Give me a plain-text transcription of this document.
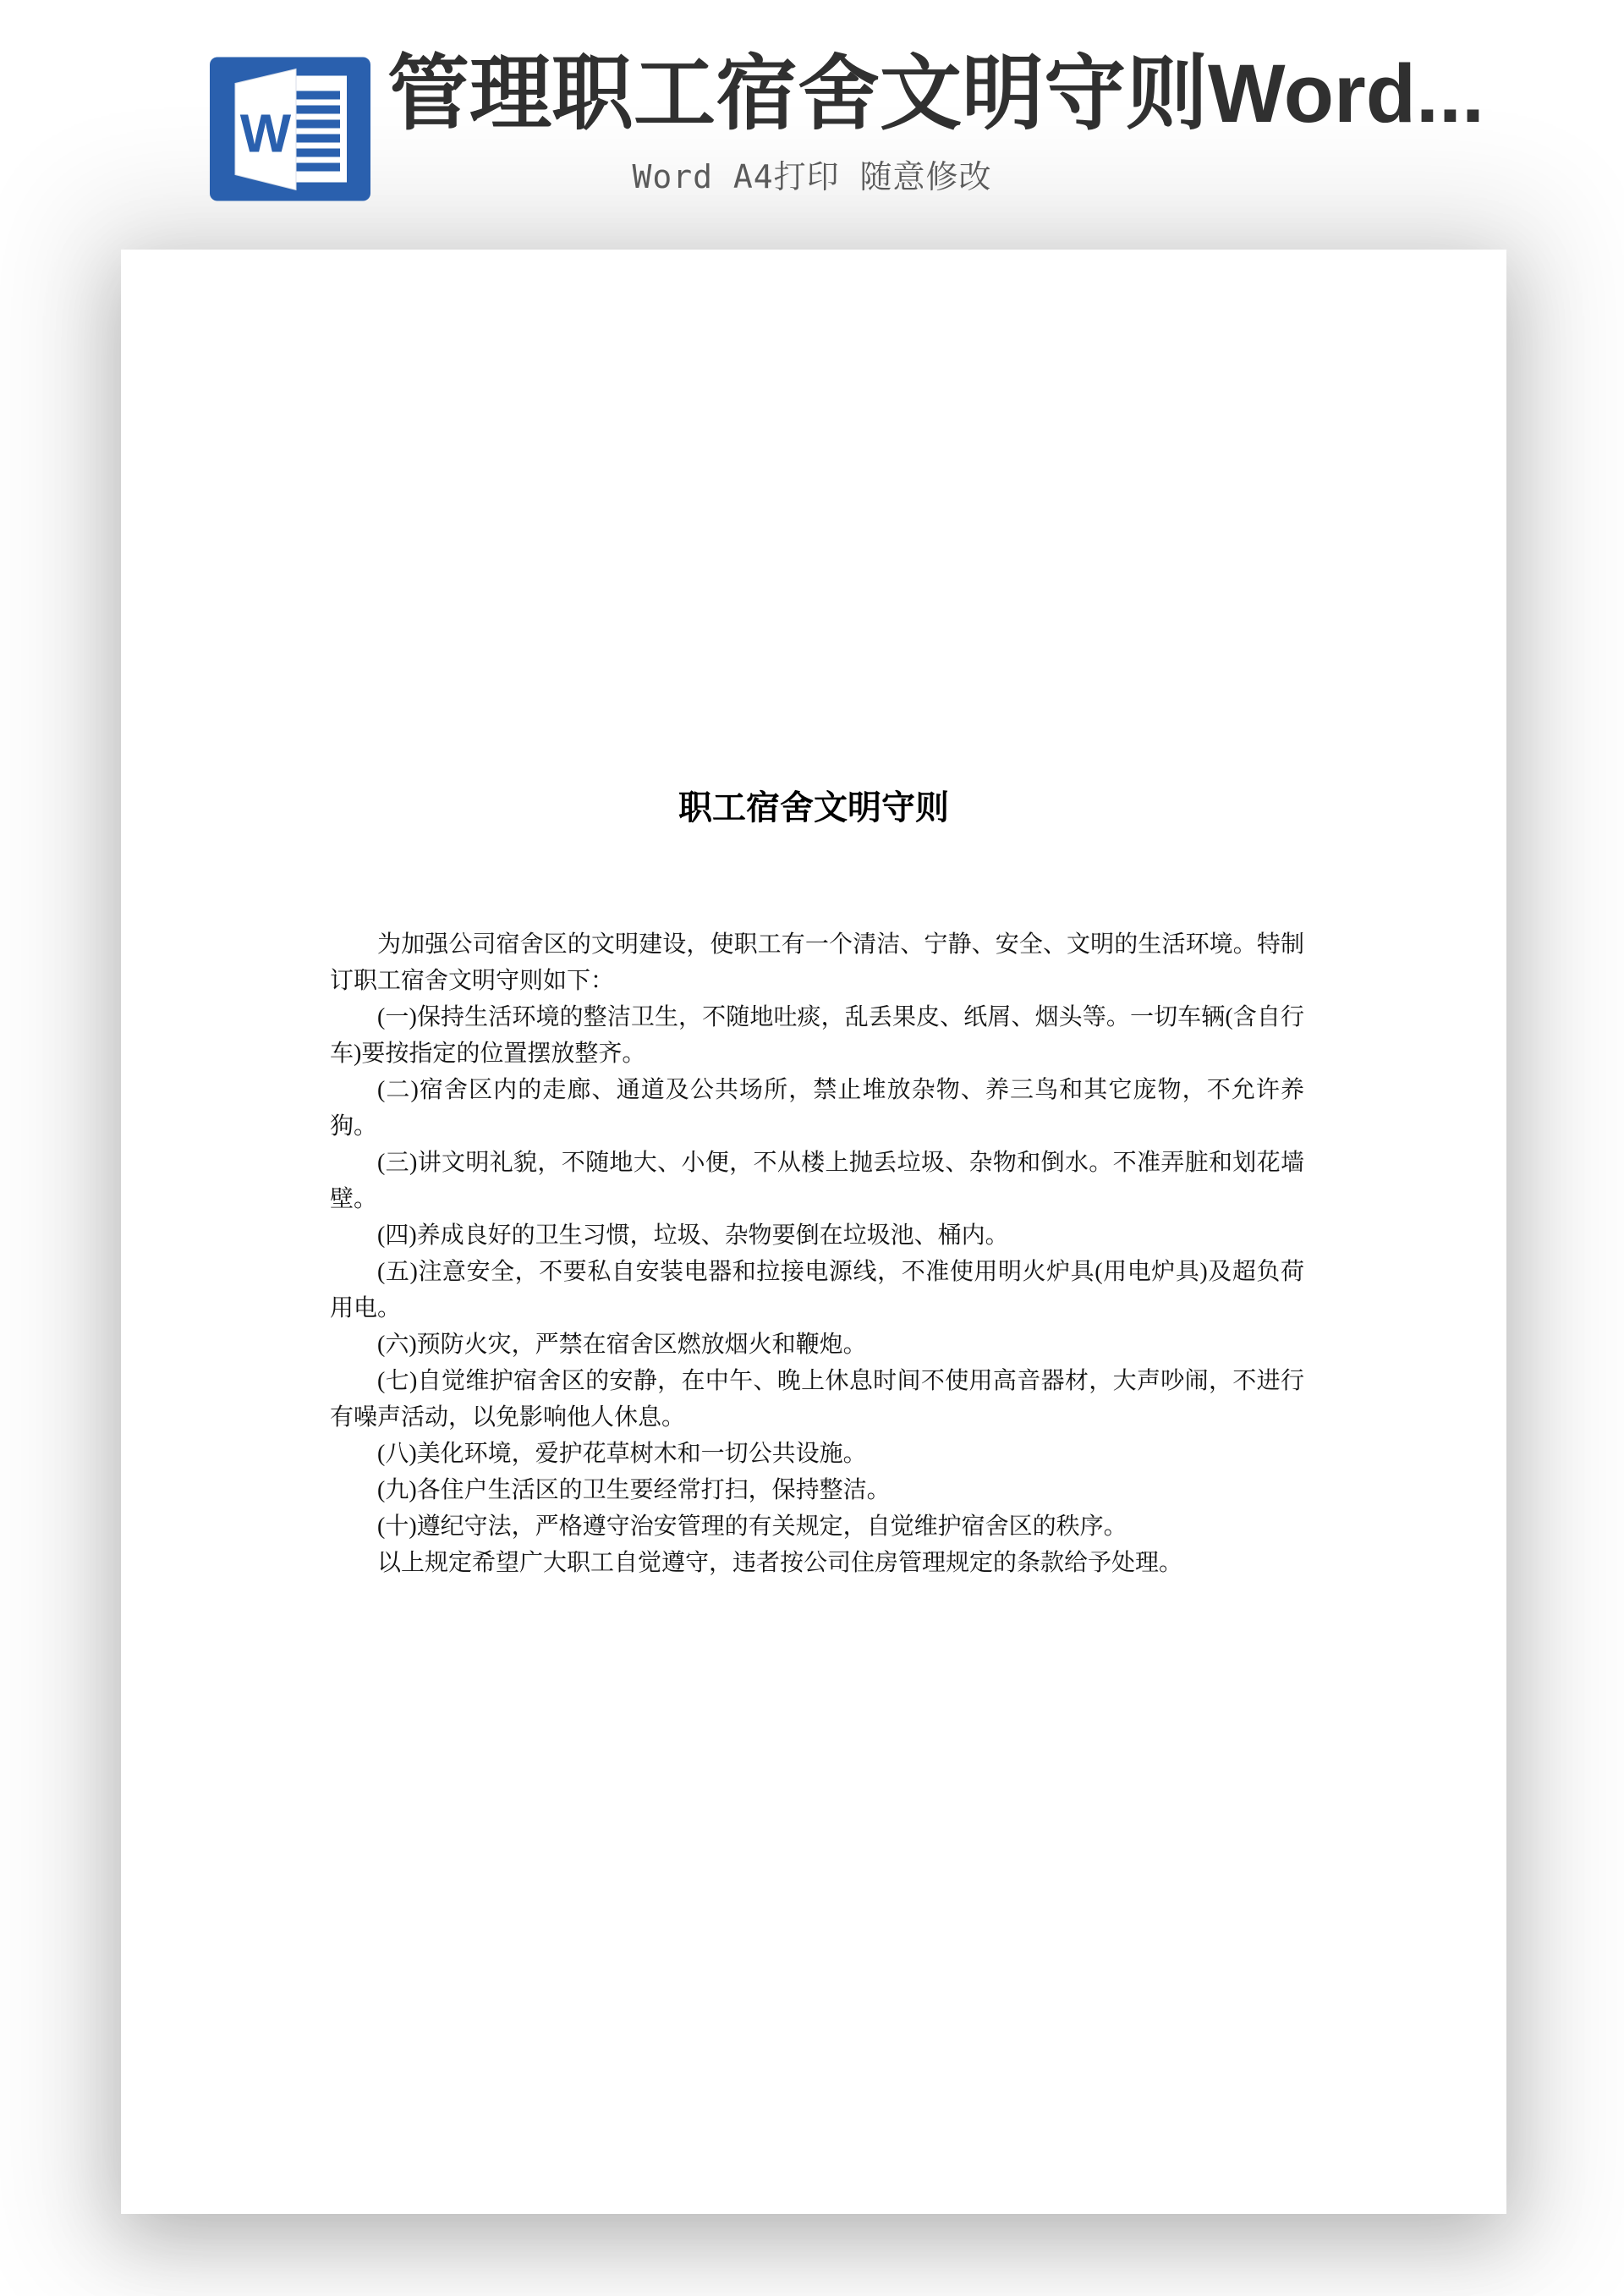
W 管理职工宿舍文明守则Word...
Word A4打印 随意修改
职工宿舍文明守则

为加强公司宿舍区的文明建设，使职工有一个清洁、宁静、安全、文明的生活环境。特制订职工宿舍文明守则如下：

(一)保持生活环境的整洁卫生，不随地吐痰，乱丢果皮、纸屑、烟头等。一切车辆(含自行车)要按指定的位置摆放整齐。

(二)宿舍区内的走廊、通道及公共场所，禁止堆放杂物、养三鸟和其它庞物，不允许养狗。

(三)讲文明礼貌，不随地大、小便，不从楼上抛丢垃圾、杂物和倒水。不准弄脏和划花墙壁。

(四)养成良好的卫生习惯，垃圾、杂物要倒在垃圾池、桶内。

(五)注意安全，不要私自安装电器和拉接电源线，不准使用明火炉具(用电炉具)及超负荷用电。

(六)预防火灾，严禁在宿舍区燃放烟火和鞭炮。

(七)自觉维护宿舍区的安静，在中午、晚上休息时间不使用高音器材，大声吵闹，不进行有噪声活动，以免影响他人休息。

(八)美化环境，爱护花草树木和一切公共设施。

(九)各住户生活区的卫生要经常打扫，保持整洁。

(十)遵纪守法，严格遵守治安管理的有关规定，自觉维护宿舍区的秩序。

以上规定希望广大职工自觉遵守，违者按公司住房管理规定的条款给予处理。
